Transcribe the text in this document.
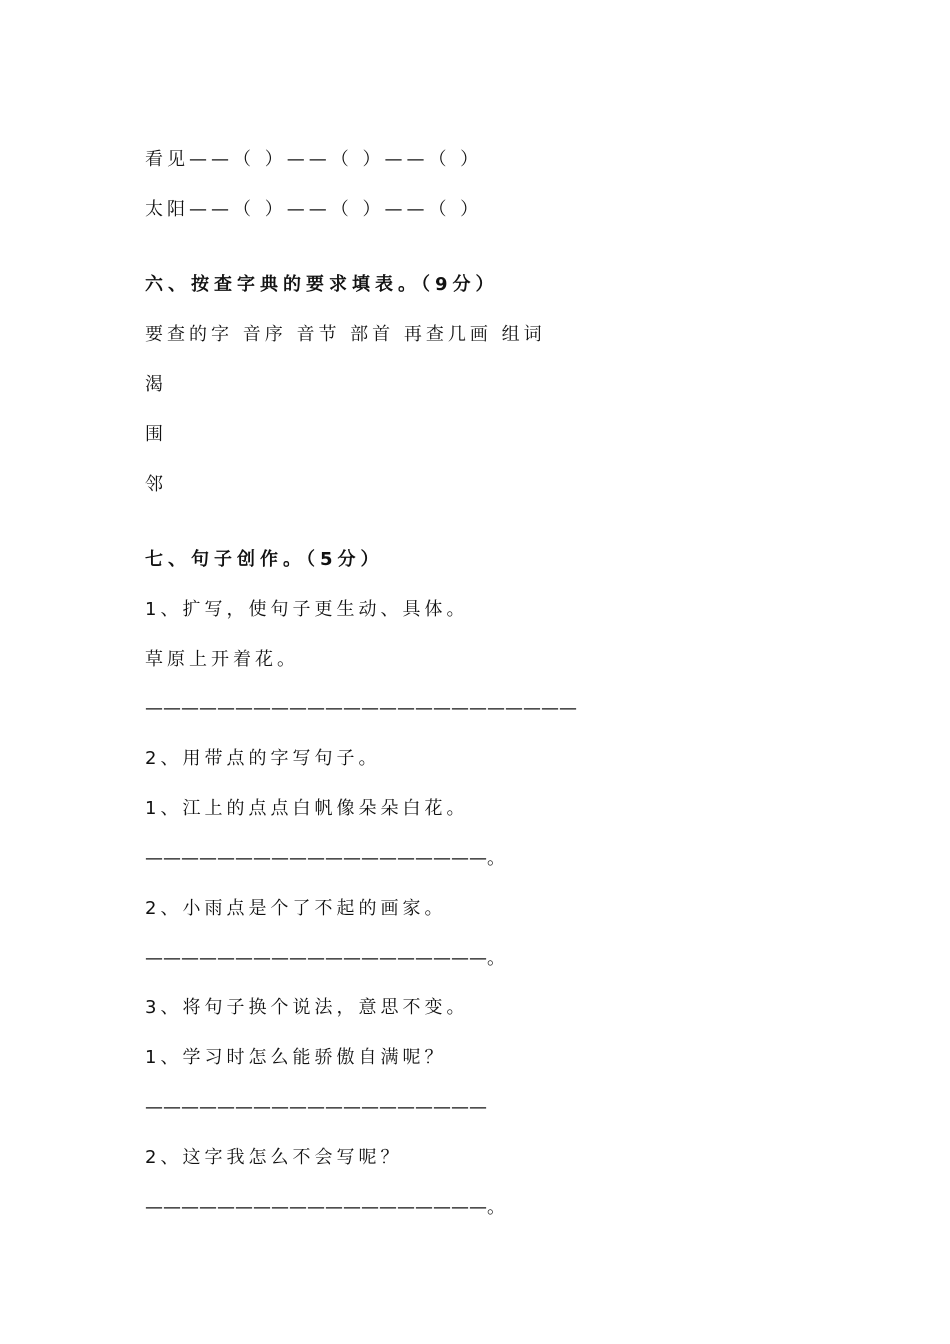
看见——（ ）——（ ）——（ ）
太阳——（ ）——（ ）——（ ）
六、按查字典的要求填表。（9分）
要查的字 音序 音节 部首 再查几画 组词
渴
围
邻
七、句子创作。（5分）
1、扩写，使句子更生动、具体。
草原上开着花。
————————————————————————
2、用带点的字写句子。
1、江上的点点白帆像朵朵白花。
———————————————————。
2、小雨点是个了不起的画家。
———————————————————。
3、将句子换个说法，意思不变。
1、学习时怎么能骄傲自满呢？
———————————————————
2、这字我怎么不会写呢？
———————————————————。
